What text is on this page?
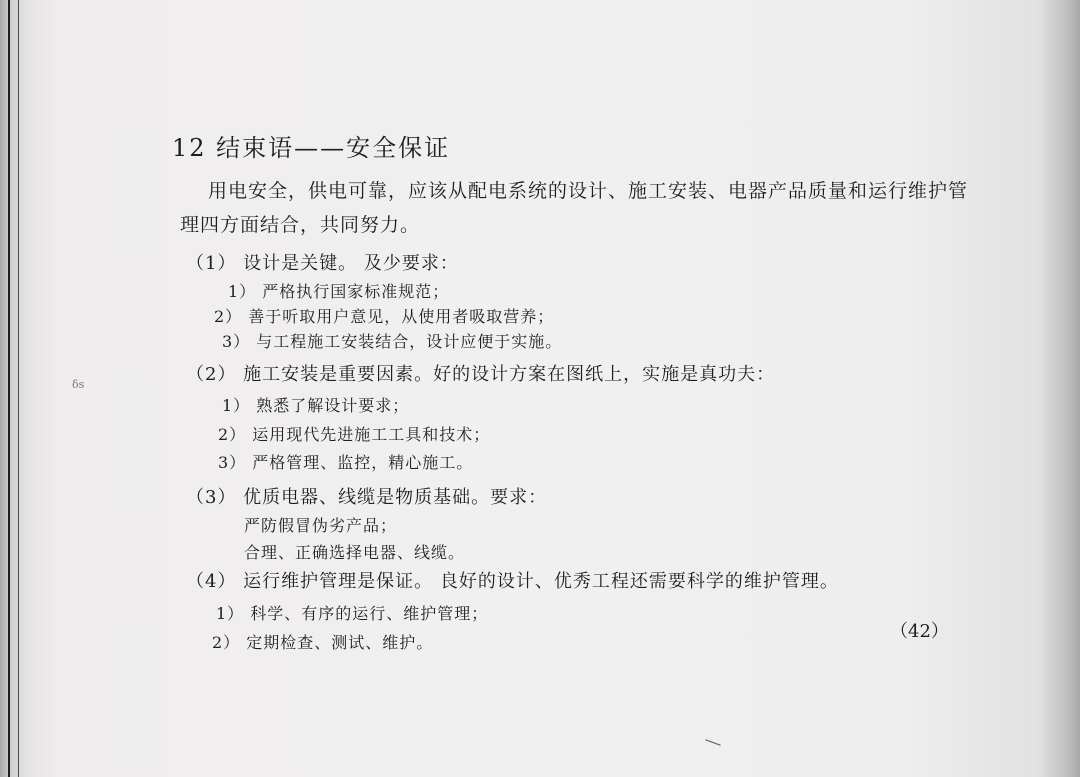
12 结束语——安全保证
用电安全，供电可靠，应该从配电系统的设计、施工安装、电器产品质量和运行维护管
理四方面结合，共同努力。
（1） 设计是关键。 及少要求：
1） 严格执行国家标准规范；
2） 善于听取用户意见，从使用者吸取营养；
3） 与工程施工安装结合，设计应便于实施。
（2） 施工安装是重要因素。好的设计方案在图纸上，实施是真功夫：
1） 熟悉了解设计要求；
2） 运用现代先进施工工具和技术；
3） 严格管理、监控，精心施工。
（3） 优质电器、线缆是物质基础。要求：
严防假冒伪劣产品；
合理、正确选择电器、线缆。
（4） 运行维护管理是保证。 良好的设计、优秀工程还需要科学的维护管理。
1） 科学、有序的运行、维护管理；
2） 定期检查、测试、维护。
（42）
δs
